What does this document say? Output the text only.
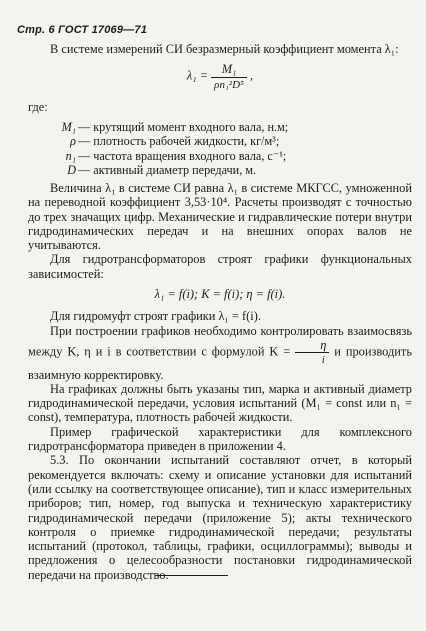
Стр. 6 ГОСТ 17069—71

В системе измерений СИ безразмерный коэффициент момента λ₁:

$\lambda_1 = \frac{\text{M₁}}{\text{ρn₁²D⁵}}$ ,

где:

M₁ — крутящий момент входного вала, н.м;

ρ — плотность рабочей жидкости, кг/м³;

n₁ — частота вращения входного вала, с⁻¹;

D — активный диаметр передачи, м.

Величина λ₁ в системе СИ равна λ₁ в системе МКГСС, умноженной на переводной коэффициент 3,53·10⁴. Расчеты производят с точностью до трех значащих цифр. Механические и гидравлические потери внутри гидродинамических передач и на внешних опорах валов не учитываются.

Для гидротрансформаторов строят графики функциональных зависимостей:

λ₁ = f(i); K = f(i); η = f(i).

Для гидромуфт строят графики λ₁ = f(i).

При построении графиков необходимо контролировать взаимосвязь между K, η и i в соответствии с формулой $K = \frac{\eta}{i}$ и производить взаимную корректировку.

На графиках должны быть указаны тип, марка и активный диаметр гидродинамической передачи, условия испытаний (M₁ = const или n₁ = const), температура, плотность рабочей жидкости.

Пример графической характеристики для комплексного гидротрансформатора приведен в приложении 4.

5.3. По окончании испытаний составляют отчет, в который рекомендуется включать: схему и описание установки для испытаний (или ссылку на соответствующее описание), тип и класс измерительных приборов; тип, номер, год выпуска и техническую характеристику гидродинамической передачи (приложение 5); акты технического контроля о приемке гидродинамической передачи; результаты испытаний (протокол, таблицы, графики, осциллограммы); выводы и предложения о целесообразности постановки гидродинамической передачи на производство.
